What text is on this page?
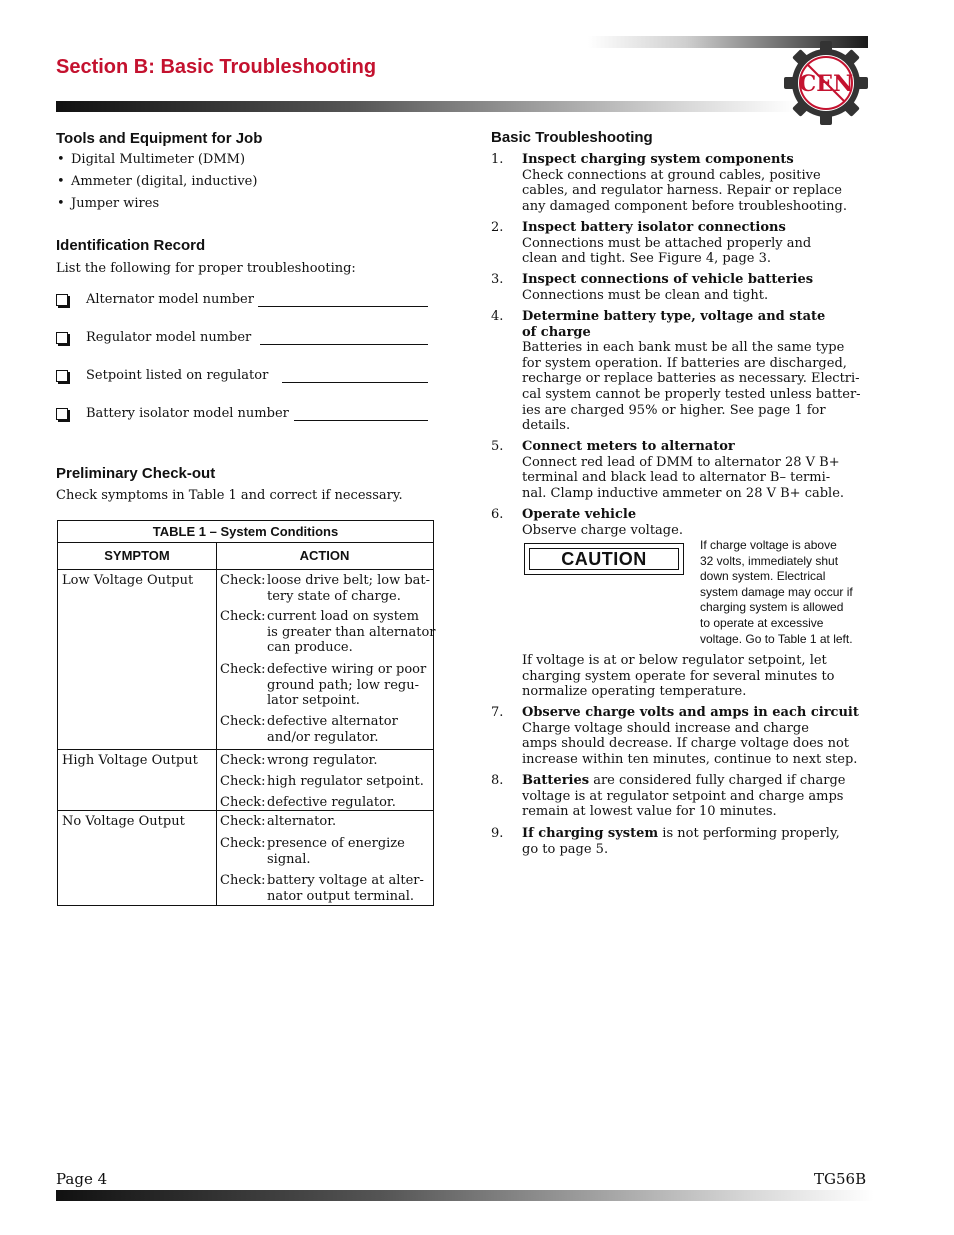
Section B: Basic Troubleshooting
CEN
Tools and Equipment for Job
• Digital Multimeter (DMM)
• Ammeter (digital, inductive)
• Jumper wires
Identification Record
List the following for proper troubleshooting:
Alternator model number
Regulator model number
Setpoint listed on regulator
Battery isolator model number
Preliminary Check-out
Check symptoms in Table 1 and correct if necessary.
TABLE 1 – System Conditions
SYMPTOM	ACTION
Low Voltage Output Check: loose drive belt; low bat-
tery state of charge.
Check: current load on system
is greater than alternator
can produce.
Check: defective wiring or poor
ground path; low regu-
lator setpoint.
Check: defective alternator
and/or regulator.
High Voltage Output Check: wrong regulator.
Check: high regulator setpoint.
Check: defective regulator.
No Voltage Output	Check: alternator.
Check: presence of energize
signal.
Check: battery voltage at alter-
nator output terminal.
Basic Troubleshooting
1. Inspect charging system components
Check connections at ground cables, positive
cables, and regulator harness. Repair or replace
any damaged component before troubleshooting.
2. Inspect battery isolator connections
Connections must be attached properly and
clean and tight. See Figure 4, page 3.
3. Inspect connections of vehicle batteries
Connections must be clean and tight.
4. Determine battery type, voltage and state
of charge
Batteries in each bank must be all the same type
for system operation. If batteries are discharged,
recharge or replace batteries as necessary. Electri-
cal system cannot be properly tested unless batter-
ies are charged 95% or higher. See page 1 for
details.
5. Connect meters to alternator
Connect red lead of DMM to alternator 28 V B+
terminal and black lead to alternator B– termi-
nal. Clamp inductive ammeter on 28 V B+ cable.
6. Operate vehicle
Observe charge voltage.
7. Observe charge volts and amps in each circuit
Charge voltage should increase and charge
amps should decrease. If charge voltage does not
increase within ten minutes, continue to next step.
8. Batteries are considered fully charged if charge
voltage is at regulator setpoint and charge amps
remain at lowest value for 10 minutes.
9. If charging system is not performing properly,
go to page 5.
CAUTION
If charge voltage is above
32 volts, immediately shut
down system. Electrical
system damage may occur if
charging system is allowed
to operate at excessive
voltage. Go to Table 1 at left.
If voltage is at or below regulator setpoint, let
charging system operate for several minutes to
normalize operating temperature.
Page 4	TG56B
